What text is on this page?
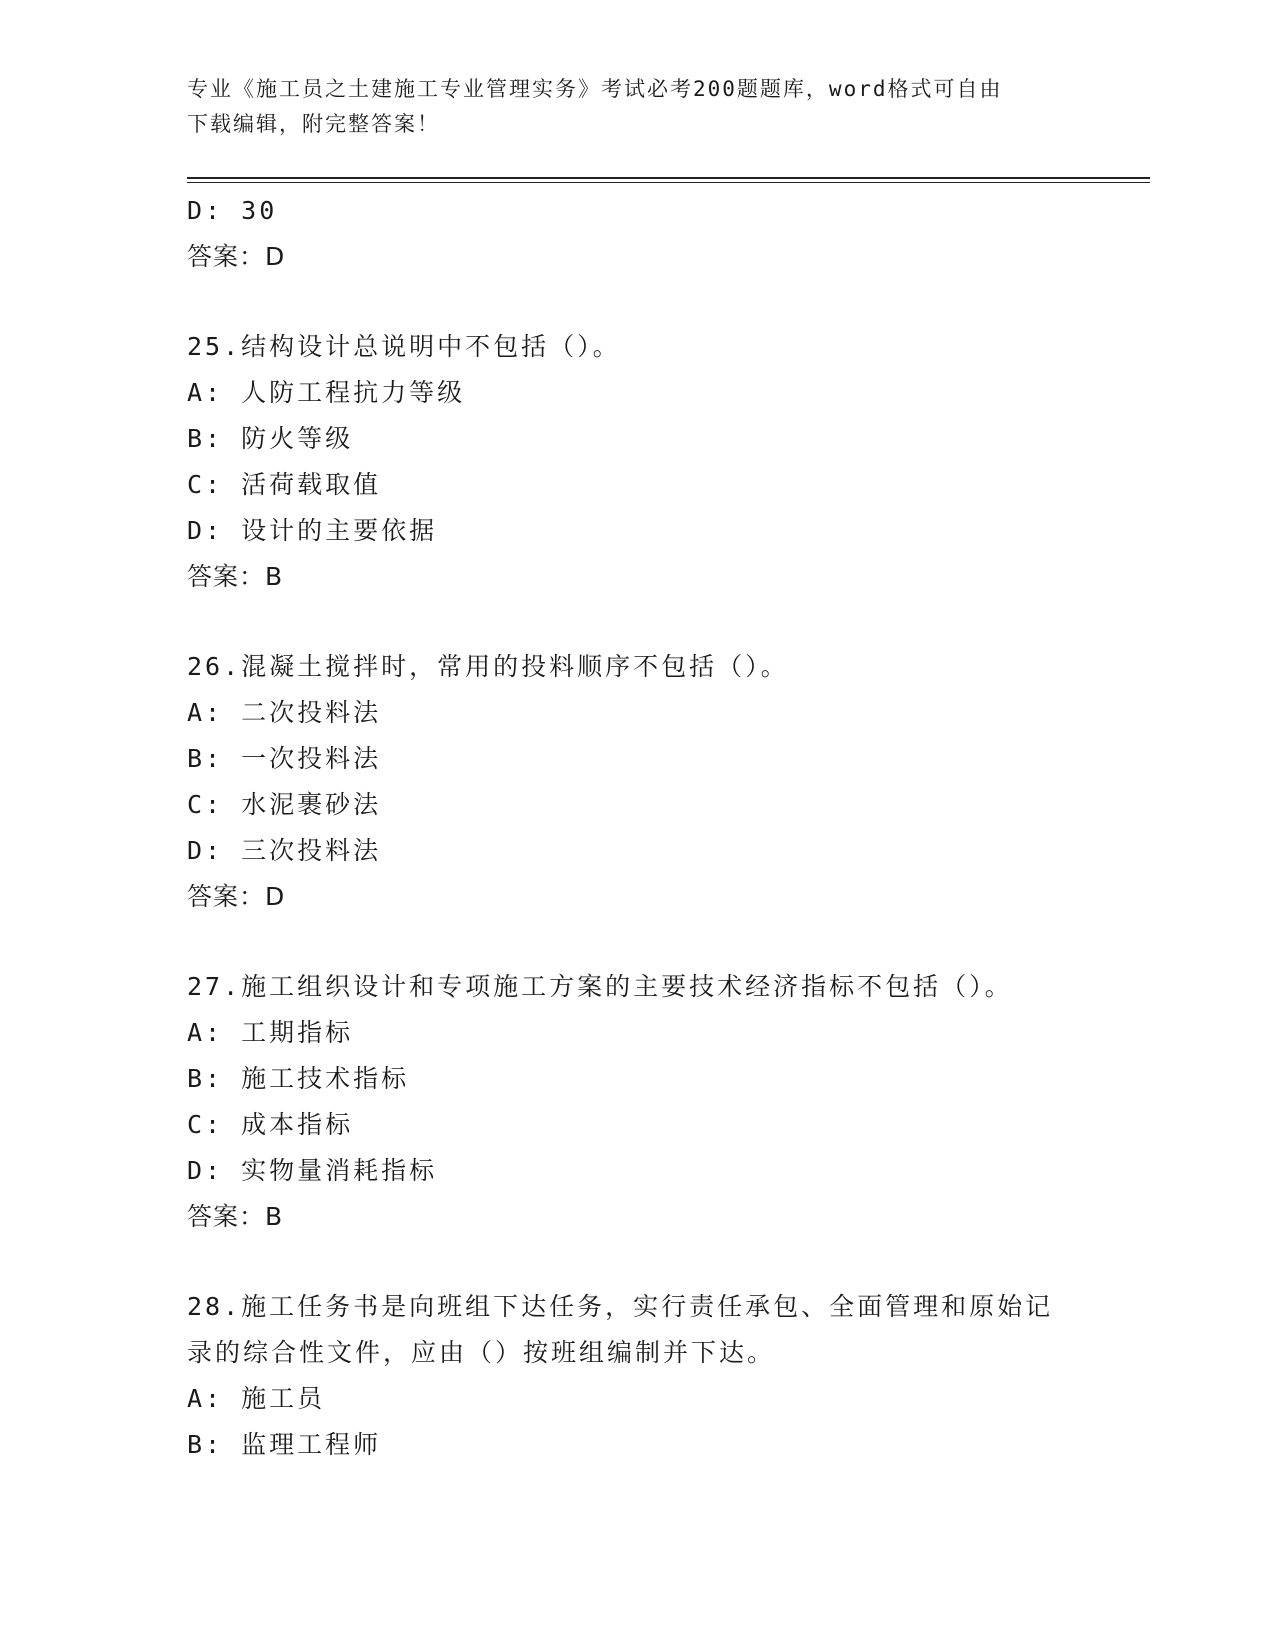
专业《施工员之土建施工专业管理实务》考试必考200题题库，word格式可自由
下载编辑，附完整答案！
D: 30
答案：D
25.结构设计总说明中不包括（）。
A: 人防工程抗力等级
B: 防火等级
C: 活荷载取值
D: 设计的主要依据
答案：B
26.混凝土搅拌时，常用的投料顺序不包括（）。
A: 二次投料法
B: 一次投料法
C: 水泥裹砂法
D: 三次投料法
答案：D
27.施工组织设计和专项施工方案的主要技术经济指标不包括（）。
A: 工期指标
B: 施工技术指标
C: 成本指标
D: 实物量消耗指标
答案：B
28.施工任务书是向班组下达任务，实行责任承包、全面管理和原始记
录的综合性文件，应由（）按班组编制并下达。
A: 施工员
B: 监理工程师
